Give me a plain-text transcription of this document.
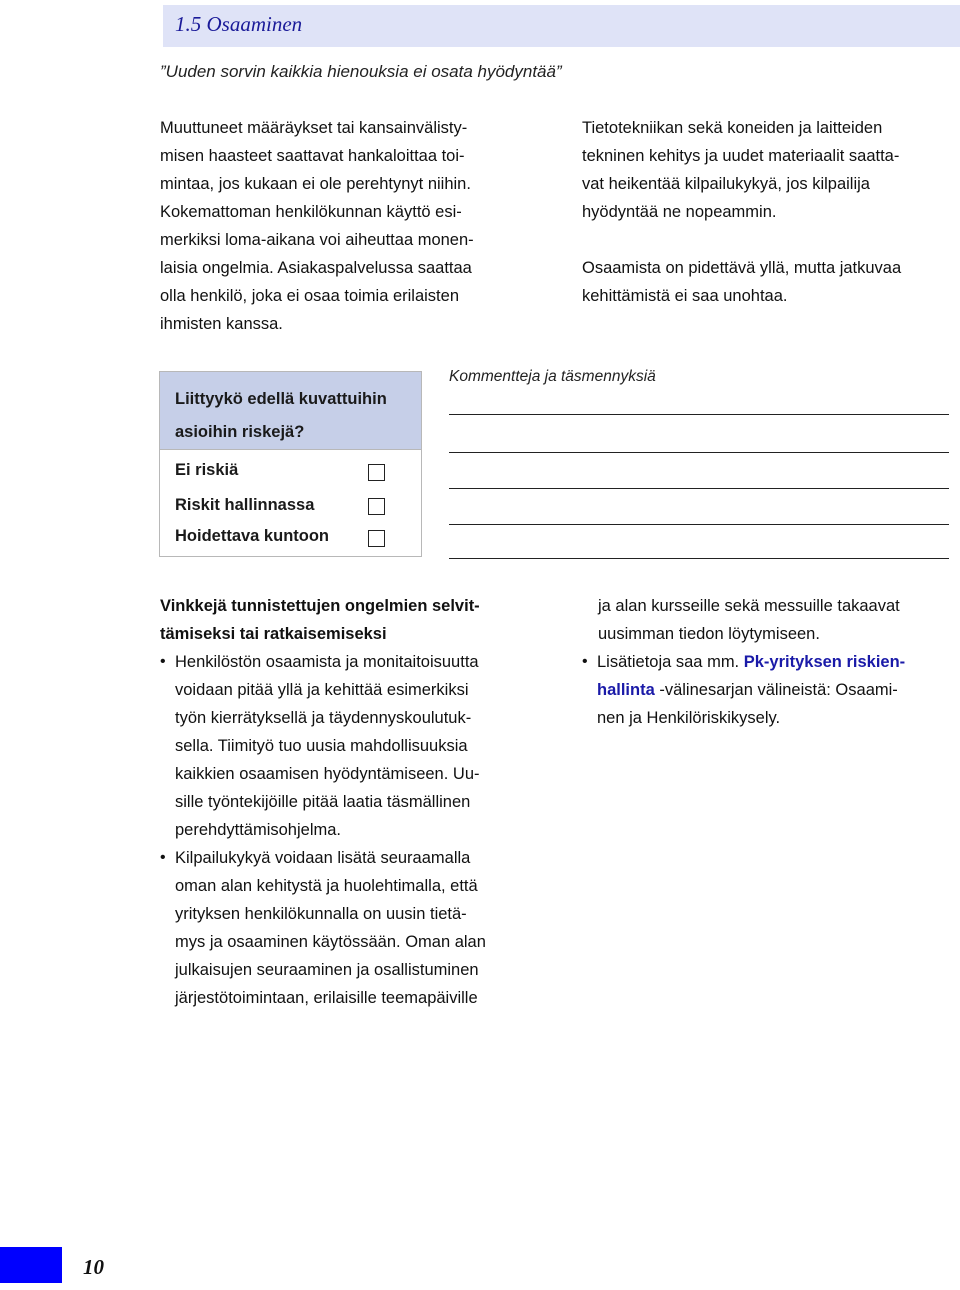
1.5 Osaaminen
”Uuden sorvin kaikkia hienouksia ei osata hyödyntää”

Muuttuneet määräykset tai kansainvälisty-
misen haasteet saattavat hankaloittaa toi-
mintaa, jos kukaan ei ole perehtynyt niihin.
Kokemattoman henkilökunnan käyttö esi-
merkiksi loma-aikana voi aiheuttaa monen-
laisia ongelmia. Asiakaspalvelussa saattaa
olla henkilö, joka ei osaa toimia erilaisten
ihmisten kanssa.

Tietotekniikan sekä koneiden ja laitteiden
tekninen kehitys ja uudet materiaalit saatta-
vat heikentää kilpailukykyä, jos kilpailija
hyödyntää ne nopeammin.

Osaamista on pidettävä yllä, mutta jatkuvaa
kehittämistä ei saa unohtaa.

Liittyykö edellä kuvattuihin
asioihin riskejä?
Ei riskiä
Riskit hallinnassa
Hoidettava kuntoon
Kommentteja ja täsmennyksiä

Vinkkejä tunnistettujen ongelmien selvit-
tämiseksi tai ratkaisemiseksi

• Henkilöstön osaamista ja monitaitoisuutta
voidaan pitää yllä ja kehittää esimerkiksi
työn kierrätyksellä ja täydennyskoulutuk-
sella. Tiimityö tuo uusia mahdollisuuksia
kaikkien osaamisen hyödyntämiseen. Uu-
sille työntekijöille pitää laatia täsmällinen
perehdyttämisohjelma.

• Kilpailukykyä voidaan lisätä seuraamalla
oman alan kehitystä ja huolehtimalla, että
yrityksen henkilökunnalla on uusin tietä-
mys ja osaaminen käytössään. Oman alan
julkaisujen seuraaminen ja osallistuminen
järjestötoimintaan, erilaisille teemapäiville

ja alan kursseille sekä messuille takaavat
uusimman tiedon löytymiseen.

• Lisätietoja saa mm. Pk-yrityksen riskien-
hallinta -välinesarjan välineistä: Osaami-
nen ja Henkilöriskikysely.

10
